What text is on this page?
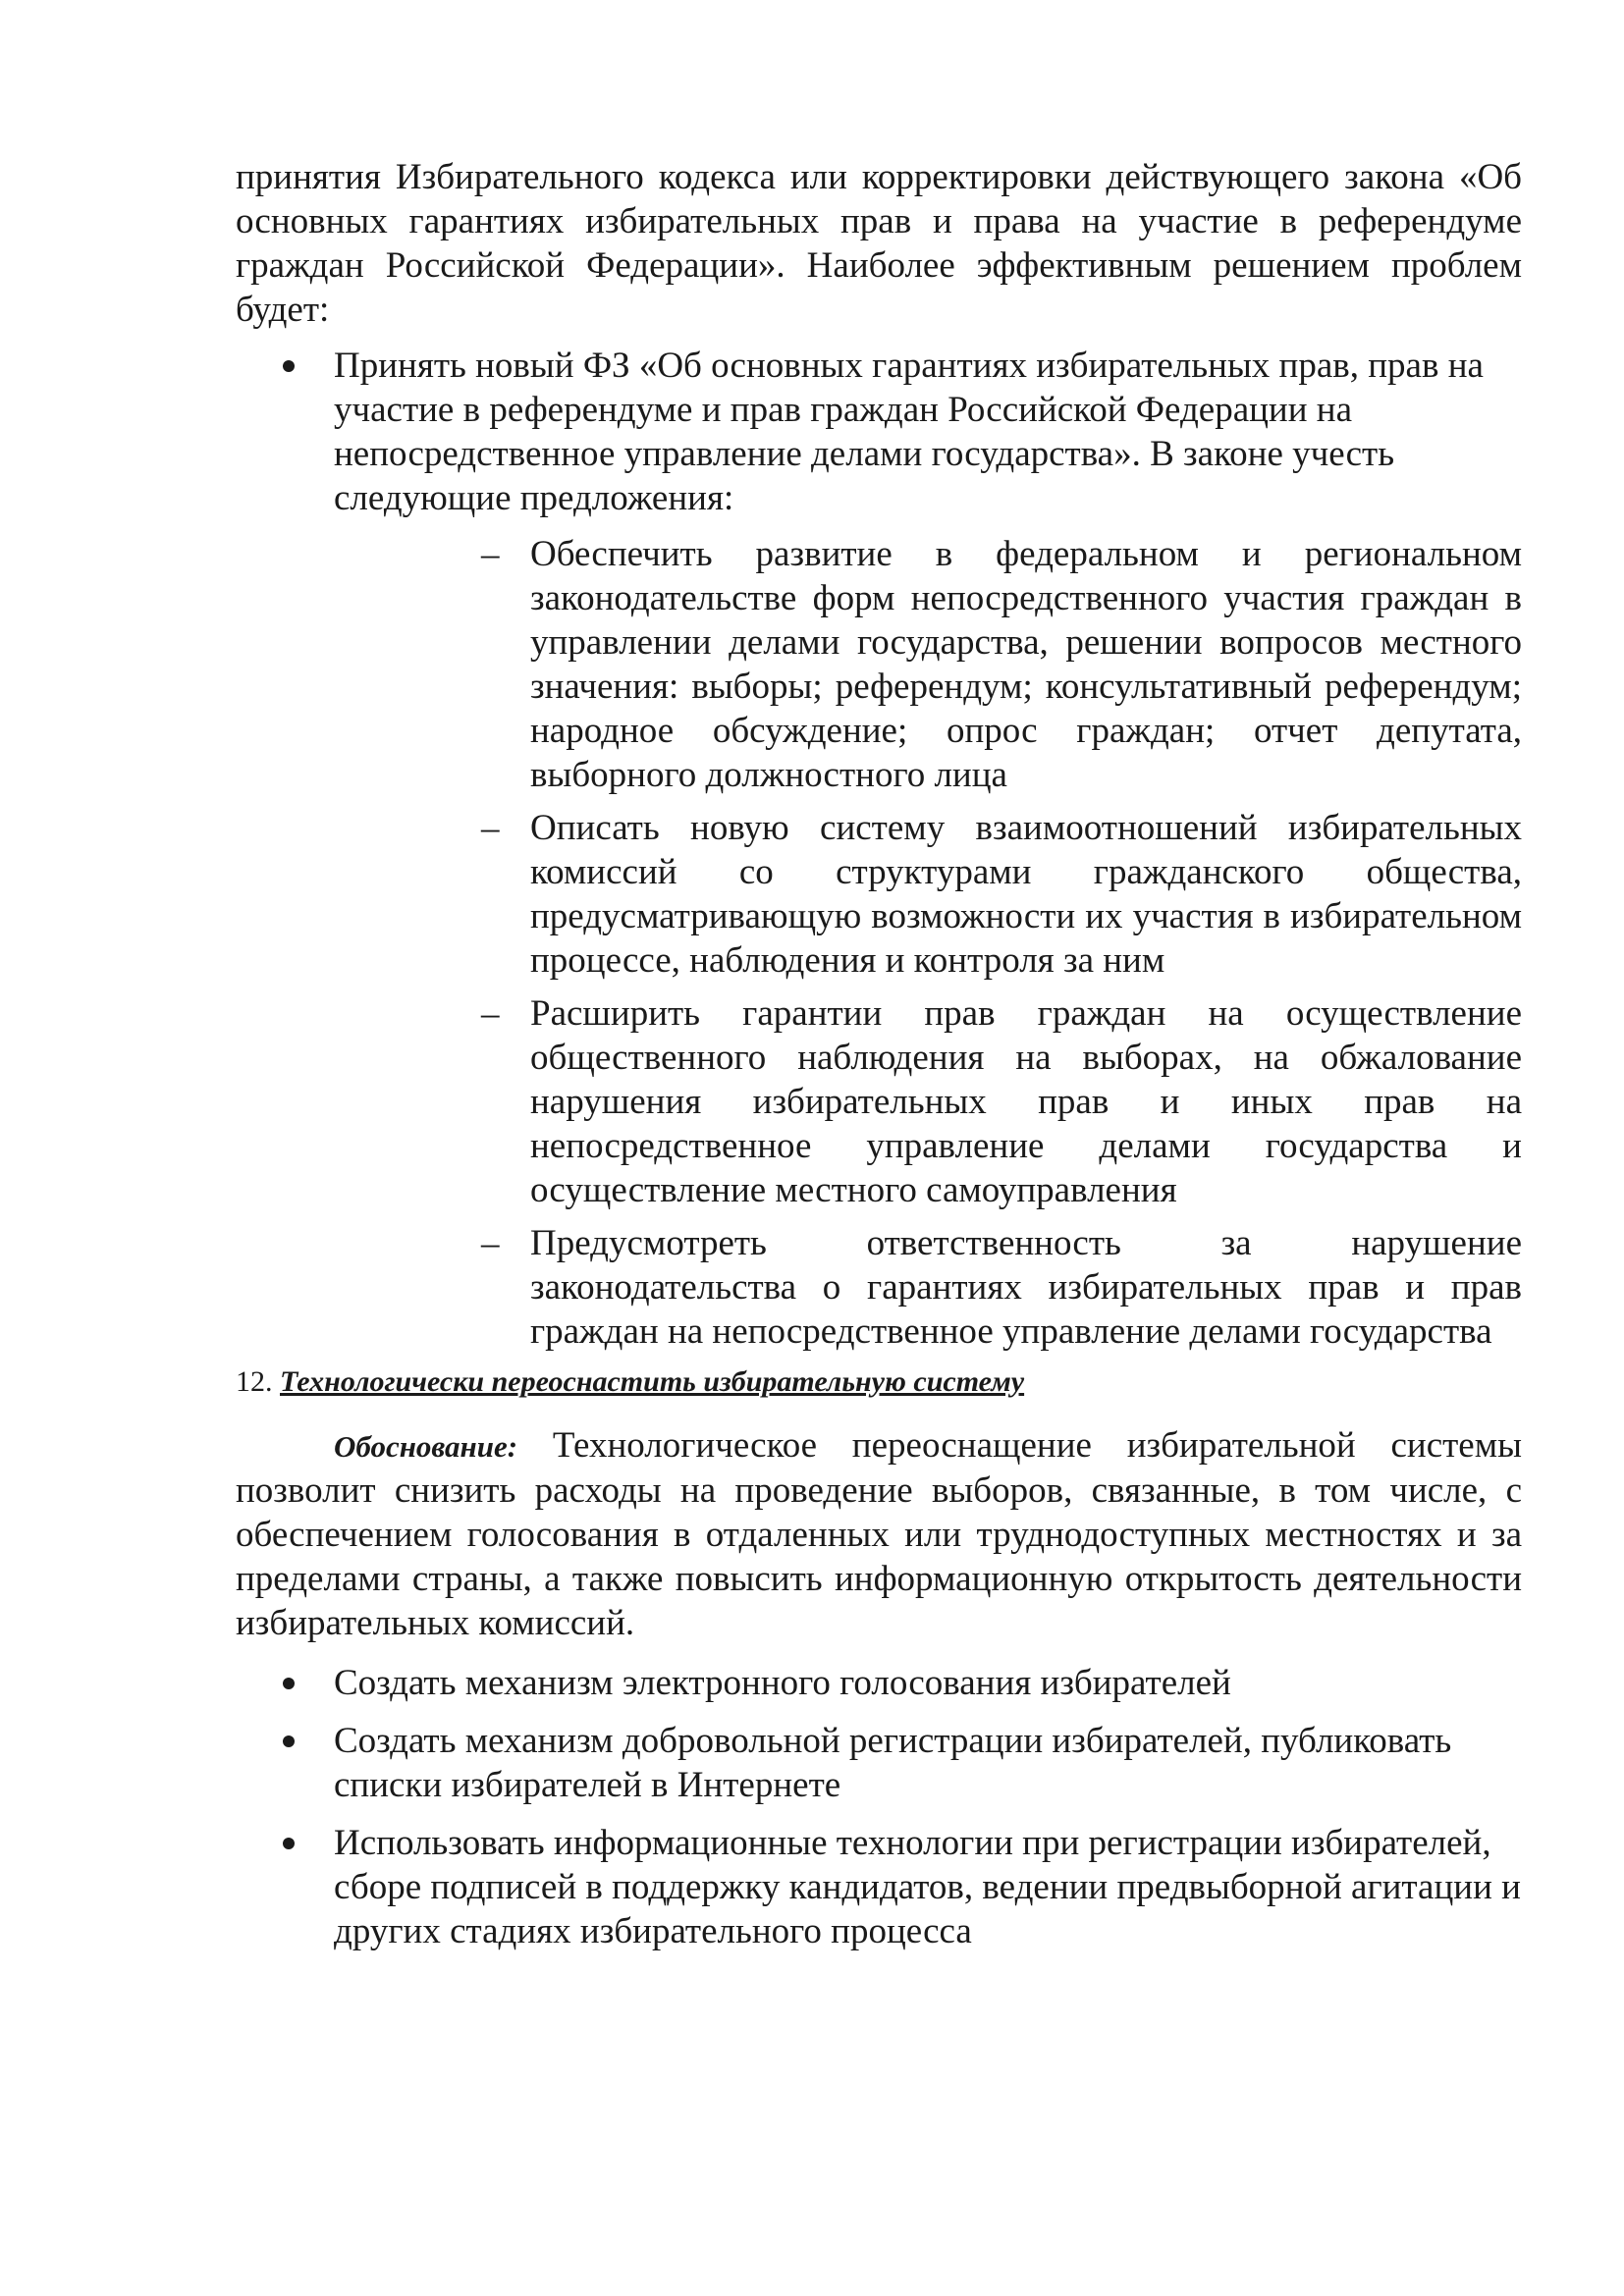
принятия Избирательного кодекса или корректировки действующего закона «Об основных гарантиях избирательных прав и права на участие в референдуме граждан Российской Федерации». Наиболее эффективным решением проблем будет:

Принять новый ФЗ «Об основных гарантиях избирательных прав, прав на участие в референдуме и прав граждан Российской Федерации на непосредственное управление делами государства». В законе учесть следующие предложения:
– Обеспечить развитие в федеральном и региональном законодательстве форм непосредственного участия граждан в управлении делами государства, решении вопросов местного значения: выборы; референдум; консультативный референдум; народное обсуждение; опрос граждан; отчет депутата, выборного должностного лица
– Описать новую систему взаимоотношений избирательных комиссий со структурами гражданского общества, предусматривающую возможности их участия в избирательном процессе, наблюдения и контроля за ним
– Расширить гарантии прав граждан на осуществление общественного наблюдения на выборах, на обжалование нарушения избирательных прав и иных прав на непосредственное управление делами государства и осуществление местного самоуправления
– Предусмотреть ответственность за нарушение законодательства о гарантиях избирательных прав и прав граждан на непосредственное управление делами государства

12. Технологически переоснастить избирательную систему

Обоснование: Технологическое переоснащение избирательной системы позволит снизить расходы на проведение выборов, связанные, в том числе, с обеспечением голосования в отдаленных или труднодоступных местностях и за пределами страны, а также повысить информационную открытость деятельности избирательных комиссий.

Создать механизм электронного голосования избирателей
Создать механизм добровольной регистрации избирателей, публиковать списки избирателей в Интернете
Использовать информационные технологии при регистрации избирателей, сборе подписей в поддержку кандидатов, ведении предвыборной агитации и других стадиях избирательного процесса
